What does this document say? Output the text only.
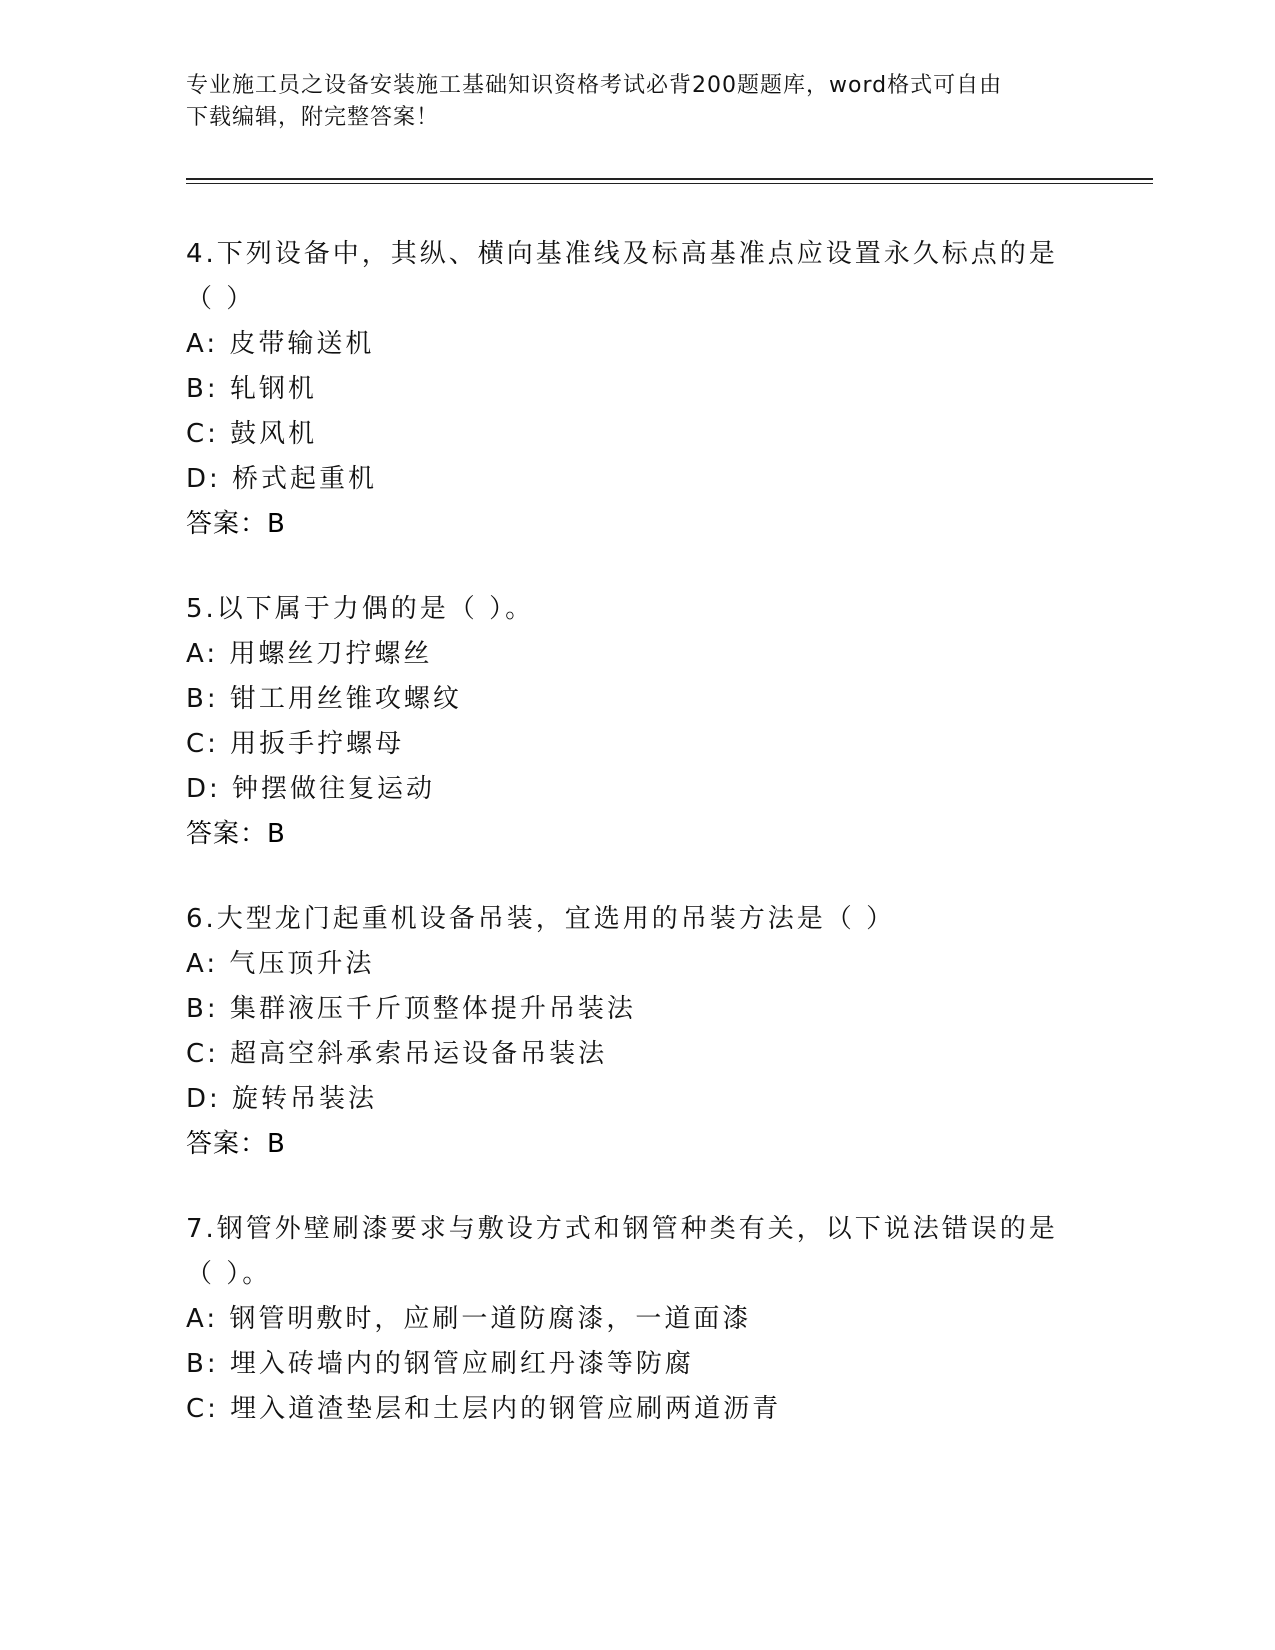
专业施工员之设备安装施工基础知识资格考试必背200题题库，word格式可自由
下载编辑，附完整答案！

4.下列设备中，其纵、横向基准线及标高基准点应设置永久标点的是

（ ）

A: 皮带输送机

B: 轧钢机

C: 鼓风机

D: 桥式起重机

答案：B

5.以下属于力偶的是（ ）。

A: 用螺丝刀拧螺丝

B: 钳工用丝锥攻螺纹

C: 用扳手拧螺母

D: 钟摆做往复运动

答案：B

6.大型龙门起重机设备吊装，宜选用的吊装方法是（ ）

A: 气压顶升法

B: 集群液压千斤顶整体提升吊装法

C: 超高空斜承索吊运设备吊装法

D: 旋转吊装法

答案：B

7.钢管外壁刷漆要求与敷设方式和钢管种类有关，以下说法错误的是

（ ）。

A: 钢管明敷时，应刷一道防腐漆，一道面漆

B: 埋入砖墙内的钢管应刷红丹漆等防腐

C: 埋入道渣垫层和土层内的钢管应刷两道沥青
